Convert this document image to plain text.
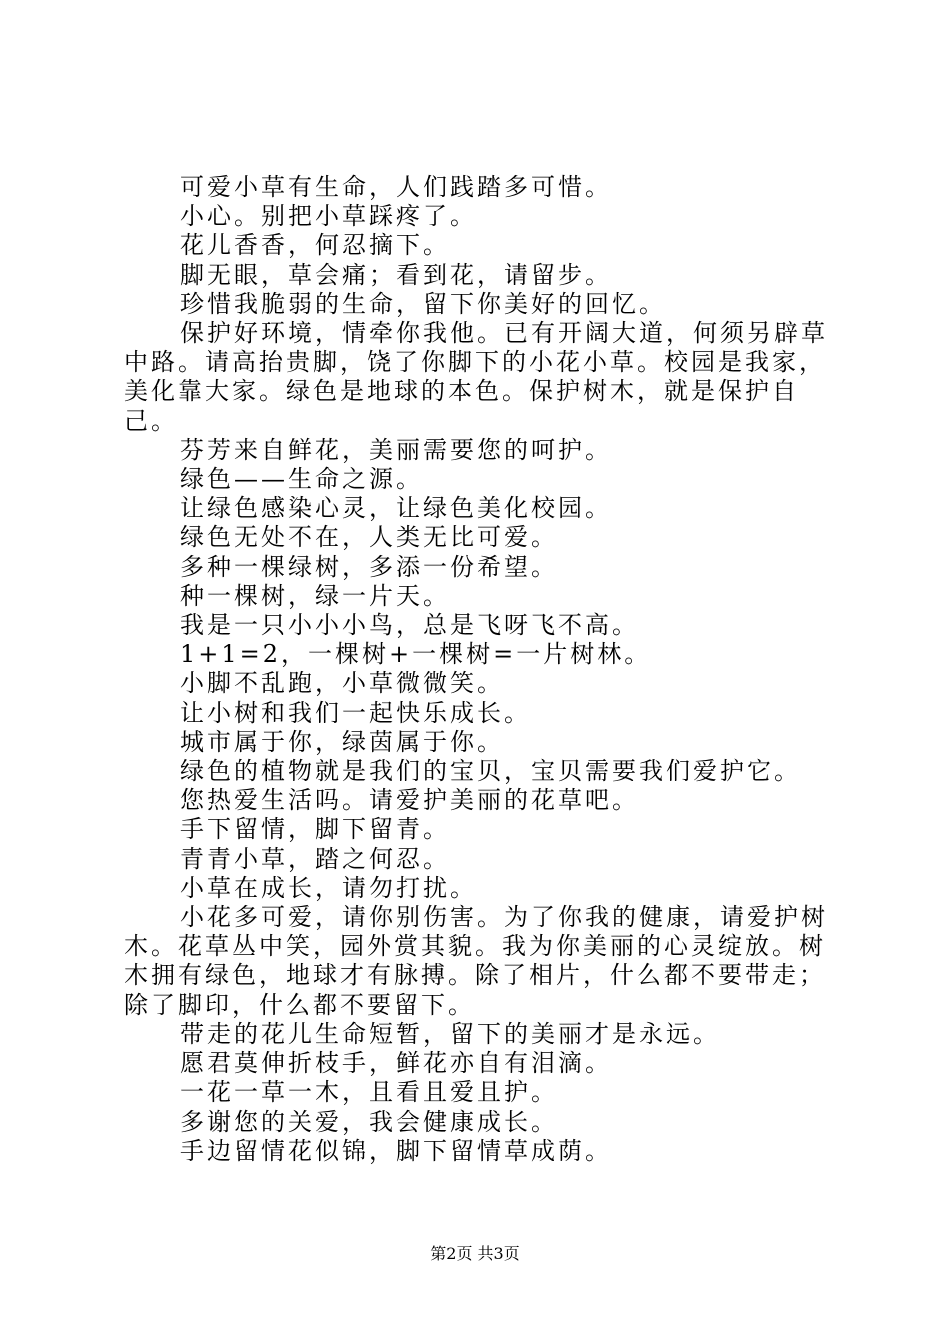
可爱小草有生命，人们践踏多可惜。

小心。别把小草踩疼了。

花儿香香，何忍摘下。

脚无眼，草会痛；看到花，请留步。

珍惜我脆弱的生命，留下你美好的回忆。

保护好环境，情牵你我他。已有开阔大道，何须另辟草中路。请高抬贵脚，饶了你脚下的小花小草。校园是我家，美化靠大家。绿色是地球的本色。保护树木，就是保护自己。

芬芳来自鲜花，美丽需要您的呵护。

绿色——生命之源。

让绿色感染心灵，让绿色美化校园。

绿色无处不在，人类无比可爱。

多种一棵绿树，多添一份希望。

种一棵树，绿一片天。

我是一只小小小鸟，总是飞呀飞不高。

1+1=2，一棵树+一棵树=一片树林。

小脚不乱跑，小草微微笑。

让小树和我们一起快乐成长。

城市属于你，绿茵属于你。

绿色的植物就是我们的宝贝，宝贝需要我们爱护它。

您热爱生活吗。请爱护美丽的花草吧。

手下留情，脚下留青。

青青小草，踏之何忍。

小草在成长，请勿打扰。

小花多可爱，请你别伤害。为了你我的健康，请爱护树木。花草丛中笑，园外赏其貌。我为你美丽的心灵绽放。树木拥有绿色，地球才有脉搏。除了相片，什么都不要带走；除了脚印，什么都不要留下。

带走的花儿生命短暂，留下的美丽才是永远。

愿君莫伸折枝手，鲜花亦自有泪滴。

一花一草一木，且看且爱且护。

多谢您的关爱，我会健康成长。

手边留情花似锦，脚下留情草成荫。

第2页 共3页
